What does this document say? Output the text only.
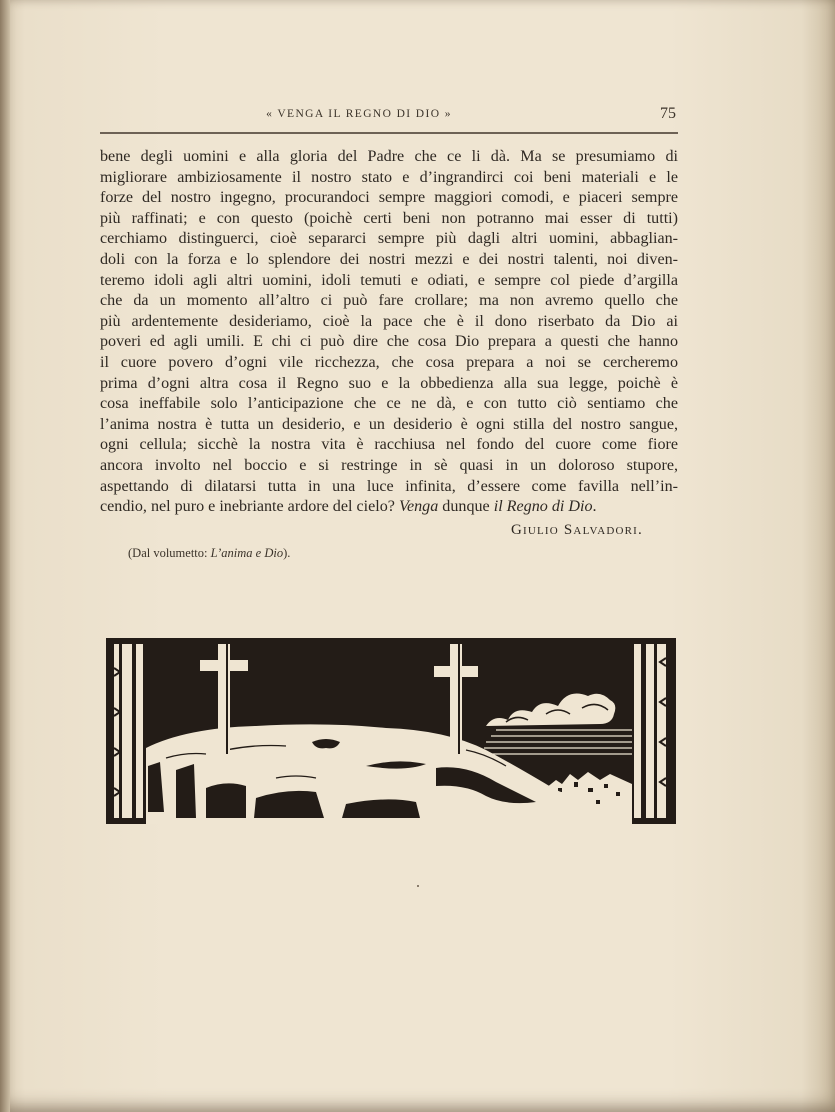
« VENGA IL REGNO DI DIO »	75
bene degli uomini e alla gloria del Padre che ce li dà. Ma se presumiamo di
migliorare ambiziosamente il nostro stato e d’ingrandirci coi beni materiali e le
forze del nostro ingegno, procurandoci sempre maggiori comodi, e piaceri sempre
più raffinati; e con questo (poichè certi beni non potranno mai esser di tutti)
cerchiamo distinguerci, cioè separarci sempre più dagli altri uomini, abbaglian-
doli con la forza e lo splendore dei nostri mezzi e dei nostri talenti, noi diven-
teremo idoli agli altri uomini, idoli temuti e odiati, e sempre col piede d’argilla
che da un momento all’altro ci può fare crollare; ma non avremo quello che
più ardentemente desideriamo, cioè la pace che è il dono riserbato da Dio ai
poveri ed agli umili. E chi ci può dire che cosa Dio prepara a questi che hanno
il cuore povero d’ogni vile ricchezza, che cosa prepara a noi se cercheremo
prima d’ogni altra cosa il Regno suo e la obbedienza alla sua legge, poichè è
cosa ineffabile solo l’anticipazione che ce ne dà, e con tutto ciò sentiamo che
l’anima nostra è tutta un desiderio, e un desiderio è ogni stilla del nostro sangue,
ogni cellula; sicchè la nostra vita è racchiusa nel fondo del cuore come fiore
ancora involto nel boccio e si restringe in sè quasi in un doloroso stupore,
aspettando di dilatarsi tutta in una luce infinita, d’essere come favilla nell’in-
cendio, nel puro e inebriante ardore del cielo? Venga dunque il Regno di Dio.
Giulio Salvadori.
(Dal volumetto: L’anima e Dio).
